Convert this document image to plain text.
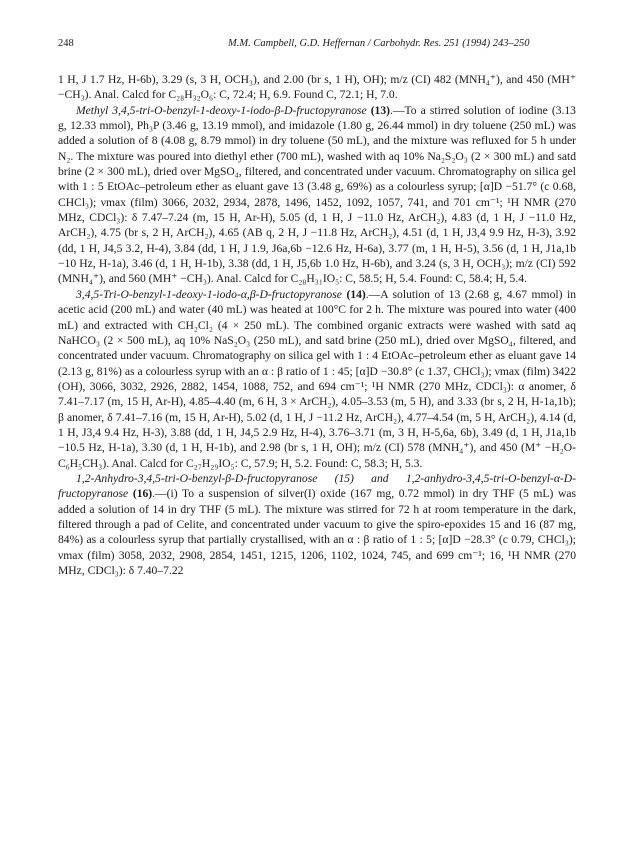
248	M.M. Campbell, G.D. Heffernan / Carbohydr. Res. 251 (1994) 243–250

1 H, J 1.7 Hz, H-6b), 3.29 (s, 3 H, OCH₃), and 2.00 (br s, 1 H), OH); m/z (CI) 482 (MNH₄⁺), and 450 (MH⁺ −CH₃). Anal. Calcd for C₂₈H₃₂O₆: C, 72.4; H, 6.9. Found C, 72.1; H, 7.0.

Methyl 3,4,5-tri-O-benzyl-1-deoxy-1-iodo-β-D-fructopyranose (13).—To a stirred solution of iodine (3.13 g, 12.33 mmol), Ph₃P (3.46 g, 13.19 mmol), and imidazole (1.80 g, 26.44 mmol) in dry toluene (250 mL) was added a solution of 8 (4.08 g, 8.79 mmol) in dry toluene (50 mL), and the mixture was refluxed for 5 h under N₂. The mixture was poured into diethyl ether (700 mL), washed with aq 10% Na₂S₂O₃ (2 × 300 mL) and satd brine (2 × 300 mL), dried over MgSO₄, filtered, and concentrated under vacuum. Chromatography on silica gel with 1 : 5 EtOAc–petroleum ether as eluant gave 13 (3.48 g, 69%) as a colourless syrup; [α]D −51.7° (c 0.68, CHCl₃); νmax (film) 3066, 2032, 2934, 2878, 1496, 1452, 1092, 1057, 741, and 701 cm⁻¹; ¹H NMR (270 MHz, CDCl₃): δ 7.47–7.24 (m, 15 H, Ar-H), 5.05 (d, 1 H, J −11.0 Hz, ArCH₂), 4.83 (d, 1 H, J −11.0 Hz, ArCH₂), 4.75 (br s, 2 H, ArCH₂), 4.65 (AB q, 2 H, J −11.8 Hz, ArCH₂), 4.51 (d, 1 H, J3,4 9.9 Hz, H-3), 3.92 (dd, 1 H, J4,5 3.2, H-4), 3.84 (dd, 1 H, J 1.9, J6a,6b −12.6 Hz, H-6a), 3.77 (m, 1 H, H-5), 3.56 (d, 1 H, J1a,1b −10 Hz, H-1a), 3.46 (d, 1 H, H-1b), 3.38 (dd, 1 H, J5,6b 1.0 Hz, H-6b), and 3.24 (s, 3 H, OCH₃); m/z (CI) 592 (MNH₄⁺), and 560 (MH⁺ −CH₃). Anal. Calcd for C₂₈H₃₁IO₅: C, 58.5; H, 5.4. Found: C, 58.4; H, 5.4.

3,4,5-Tri-O-benzyl-1-deoxy-1-iodo-α,β-D-fructopyranose (14).—A solution of 13 (2.68 g, 4.67 mmol) in acetic acid (200 mL) and water (40 mL) was heated at 100°C for 2 h. The mixture was poured into water (400 mL) and extracted with CH₂Cl₂ (4 × 250 mL). The combined organic extracts were washed with satd aq NaHCO₃ (2 × 500 mL), aq 10% NaS₂O₃ (250 mL), and satd brine (250 mL), dried over MgSO₄, filtered, and concentrated under vacuum. Chromatography on silica gel with 1 : 4 EtOAc–petroleum ether as eluant gave 14 (2.13 g, 81%) as a colourless syrup with an α : β ratio of 1 : 45; [α]D −30.8° (c 1.37, CHCl₃); νmax (film) 3422 (OH), 3066, 3032, 2926, 2882, 1454, 1088, 752, and 694 cm⁻¹; ¹H NMR (270 MHz, CDCl₃): α anomer, δ 7.41–7.17 (m, 15 H, Ar-H), 4.85–4.40 (m, 6 H, 3 × ArCH₂), 4.05–3.53 (m, 5 H), and 3.33 (br s, 2 H, H-1a,1b); β anomer, δ 7.41–7.16 (m, 15 H, Ar-H), 5.02 (d, 1 H, J −11.2 Hz, ArCH₂), 4.77–4.54 (m, 5 H, ArCH₂), 4.14 (d, 1 H, J3,4 9.4 Hz, H-3), 3.88 (dd, 1 H, J4,5 2.9 Hz, H-4), 3.76–3.71 (m, 3 H, H-5,6a, 6b), 3.49 (d, 1 H, J1a,1b −10.5 Hz, H-1a), 3.30 (d, 1 H, H-1b), and 2.98 (br s, 1 H, OH); m/z (CI) 578 (MNH₄⁺), and 450 (M⁺ −H₂O-C₆H₅CH₃). Anal. Calcd for C₂₇H₂₉IO₅: C, 57.9; H, 5.2. Found: C, 58.3; H, 5.3.

1,2-Anhydro-3,4,5-tri-O-benzyl-β-D-fructopyranose (15) and 1,2-anhydro-3,4,5-tri-O-benzyl-α-D-fructopyranose (16).—(i) To a suspension of silver(I) oxide (167 mg, 0.72 mmol) in dry THF (5 mL) was added a solution of 14 in dry THF (5 mL). The mixture was stirred for 72 h at room temperature in the dark, filtered through a pad of Celite, and concentrated under vacuum to give the spiro-epoxides 15 and 16 (87 mg, 84%) as a colourless syrup that partially crystallised, with an α : β ratio of 1 : 5; [α]D −28.3° (c 0.79, CHCl₃); νmax (film) 3058, 2032, 2908, 2854, 1451, 1215, 1206, 1102, 1024, 745, and 699 cm⁻¹; 16, ¹H NMR (270 MHz, CDCl₃): δ 7.40–7.22
